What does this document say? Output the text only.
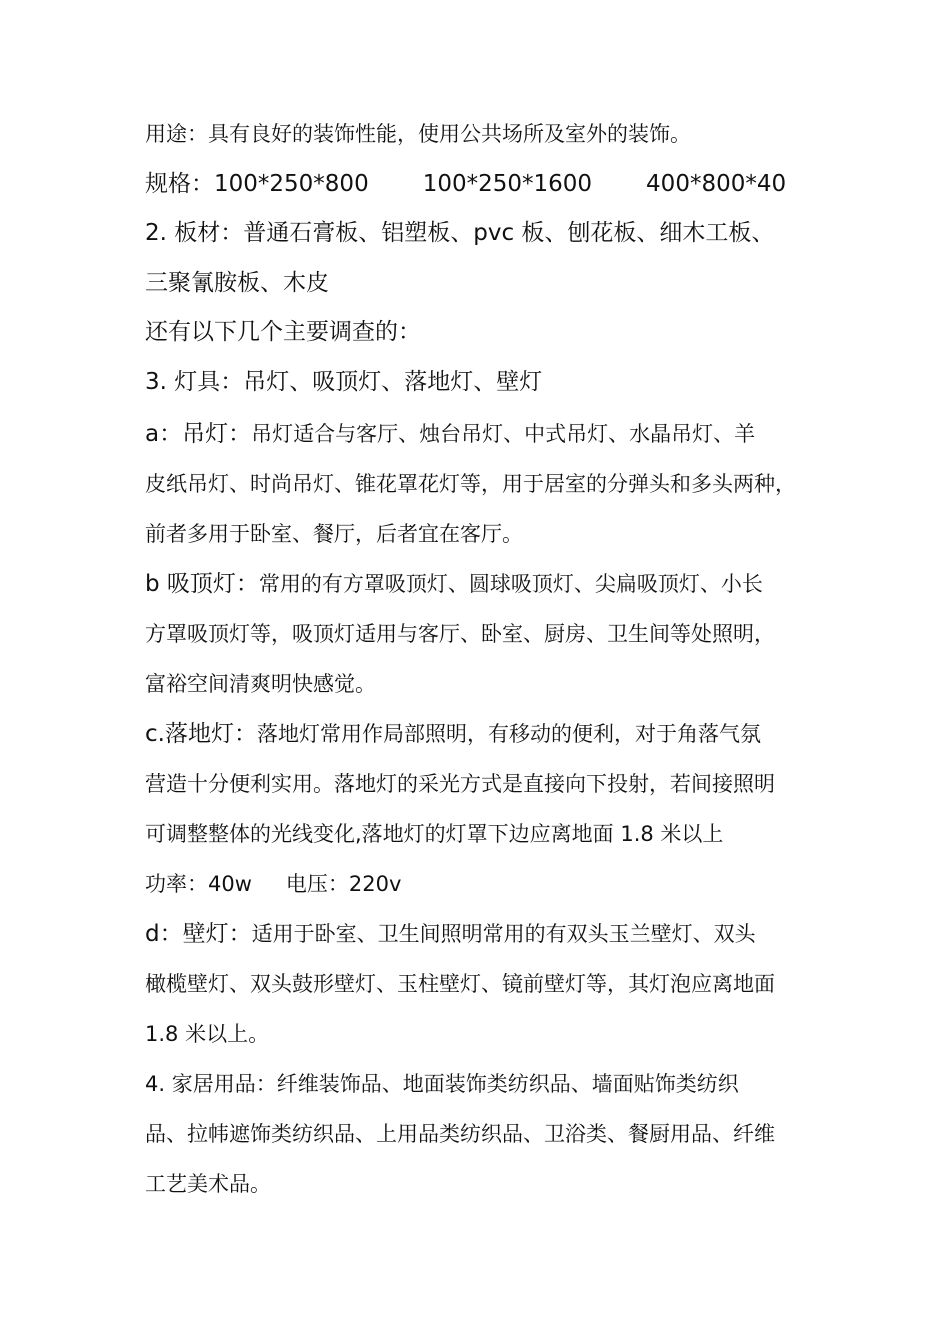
用途：具有良好的装饰性能，使用公共场所及室外的装饰。
规格：100*250*800 100*250*1600 400*800*40
2. 板材：普通石膏板、铝塑板、pvc 板、刨花板、细木工板、
三聚氰胺板、木皮
还有以下几个主要调查的：
3. 灯具：吊灯、吸顶灯、落地灯、壁灯
a：吊灯：吊灯适合与客厅、烛台吊灯、中式吊灯、水晶吊灯、羊
皮纸吊灯、时尚吊灯、锥花罩花灯等，用于居室的分弹头和多头两种，
前者多用于卧室、餐厅，后者宜在客厅。
b 吸顶灯：常用的有方罩吸顶灯、圆球吸顶灯、尖扁吸顶灯、小长
方罩吸顶灯等，吸顶灯适用与客厅、卧室、厨房、卫生间等处照明，
富裕空间清爽明快感觉。
c.落地灯：落地灯常用作局部照明，有移动的便利，对于角落气氛
营造十分便利实用。落地灯的采光方式是直接向下投射，若间接照明
可调整整体的光线变化,落地灯的灯罩下边应离地面 1.8 米以上
功率：40w 电压：220v
d：壁灯：适用于卧室、卫生间照明常用的有双头玉兰壁灯、双头
橄榄壁灯、双头鼓形壁灯、玉柱壁灯、镜前壁灯等，其灯泡应离地面
1.8 米以上。
4. 家居用品：纤维装饰品、地面装饰类纺织品、墙面贴饰类纺织
品、拉帏遮饰类纺织品、上用品类纺织品、卫浴类、餐厨用品、纤维
工艺美术品。
